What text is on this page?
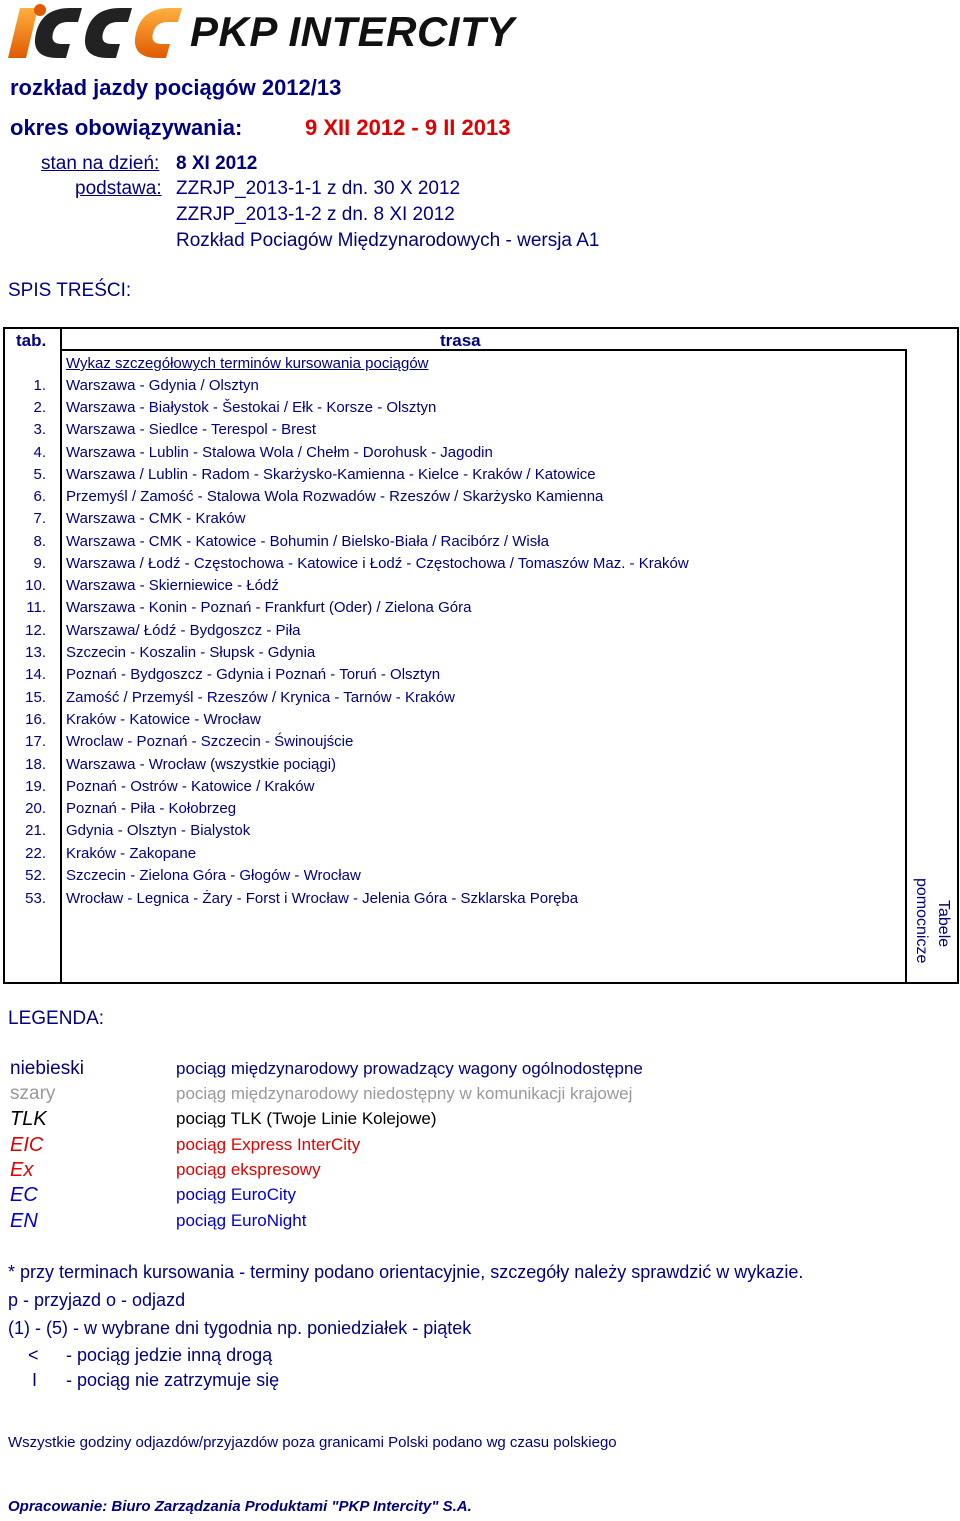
PKP INTERCITY
rozkład jazdy pociągów 2012/13
okres obowiązywania:	9 XII 2012 - 9 II 2013
stan na dzień: 8 XI 2012
podstawa: ZZRJP_2013-1-1 z dn. 30 X 2012
ZZRJP_2013-1-2 z dn. 8 XI 2012
Rozkład Pociagów Międzynarodowych - wersja A1
SPIS TREŚCI:
tab.	trasa
Wykaz szczegółowych terminów kursowania pociągów
1. Warszawa - Gdynia / Olsztyn
2. Warszawa - Białystok - Šestokai / Ełk - Korsze - Olsztyn
3. Warszawa - Siedlce - Terespol - Brest
4. Warszawa - Lublin - Stalowa Wola / Chełm - Dorohusk - Jagodin
5. Warszawa / Lublin - Radom - Skarżysko-Kamienna - Kielce - Kraków / Katowice
6. Przemyśl / Zamość - Stalowa Wola Rozwadów - Rzeszów / Skarżysko Kamienna
7. Warszawa - CMK - Kraków
8. Warszawa - CMK - Katowice - Bohumin / Bielsko-Biała / Racibórz / Wisła
9. Warszawa / Łodź - Częstochowa - Katowice i Łodź - Częstochowa / Tomaszów Maz. - Kraków
10. Warszawa - Skierniewice - Łódź
11. Warszawa - Konin - Poznań - Frankfurt (Oder) / Zielona Góra
12. Warszawa/ Łódź - Bydgoszcz - Piła
13. Szczecin - Koszalin - Słupsk - Gdynia
14. Poznań - Bydgoszcz - Gdynia i Poznań - Toruń - Olsztyn
15. Zamość / Przemyśl - Rzeszów / Krynica - Tarnów - Kraków
16. Kraków - Katowice - Wrocław
17. Wroclaw - Poznań - Szczecin - Świnoujście
18. Warszawa - Wrocław (wszystkie pociągi)
19. Poznań - Ostrów - Katowice / Kraków
20. Poznań - Piła - Kołobrzeg
21. Gdynia - Olsztyn - Bialystok
22. Kraków - Zakopane
52. Szczecin - Zielona Góra - Głogów - Wrocław
53. Wrocław - Legnica - Żary - Forst i Wrocław - Jelenia Góra - Szklarska Poręba
Tabele
pomocnicze
LEGENDA:
niebieski	pociąg międzynarodowy prowadzący wagony ogólnodostępne
szary	pociąg międzynarodowy niedostępny w komunikacji krajowej
TLK	pociąg TLK (Twoje Linie Kolejowe)
EIC	pociąg Express InterCity
Ex	pociąg ekspresowy
EC	pociąg EuroCity
EN	pociąg EuroNight
* przy terminach kursowania - terminy podano orientacyjnie, szczegóły należy sprawdzić w wykazie.
p - przyjazd o - odjazd
(1) - (5) - w wybrane dni tygodnia np. poniedziałek - piątek
< - pociąg jedzie inną drogą
I - pociąg nie zatrzymuje się
Wszystkie godziny odjazdów/przyjazdów poza granicami Polski podano wg czasu polskiego
Opracowanie: Biuro Zarządzania Produktami "PKP Intercity" S.A.
